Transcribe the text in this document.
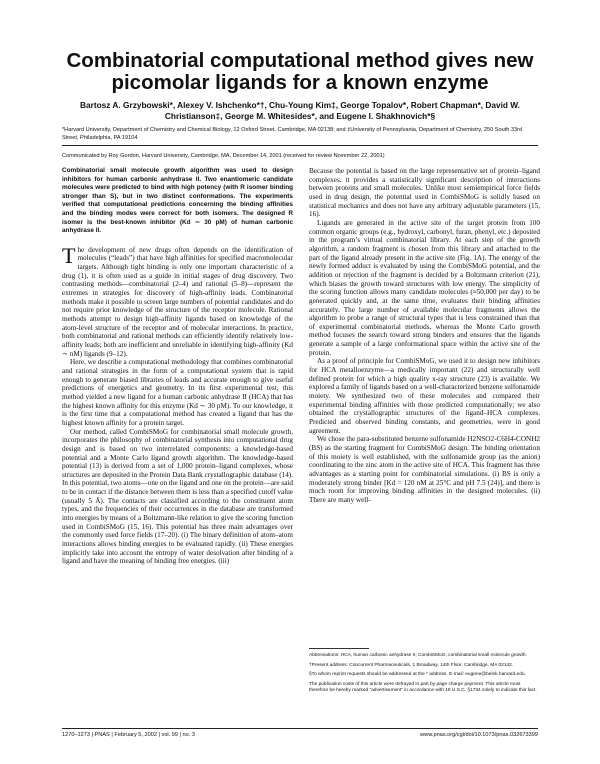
Combinatorial computational method gives new picomolar ligands for a known enzyme
Bartosz A. Grzybowski*, Alexey V. Ishchenko*†, Chu-Young Kim‡, George Topalov*, Robert Chapman*, David W. Christianson‡, George M. Whitesides*, and Eugene I. Shakhnovich*§
*Harvard University, Department of Chemistry and Chemical Biology, 12 Oxford Street, Cambridge, MA 02138; and ‡University of Pennsylvania, Department of Chemistry, 250 South 33rd Street, Philadelphia, PA 19104
Communicated by Roy Gordon, Harvard University, Cambridge, MA, December 14, 2001 (received for review November 22, 2001)

Combinatorial small molecule growth algorithm was used to design inhibitors for human carbonic anhydrase II. Two enantiomeric candidate molecules were predicted to bind with high potency (with R isomer binding stronger than S), but in two distinct conformations. The experiments verified that computational predictions concerning the binding affinities and the binding modes were correct for both isomers. The designed R isomer is the best-known inhibitor (Kd ∼ 30 pM) of human carbonic anhydrase II.

T he development of new drugs often depends on the identification of molecules (“leads”) that have high affinities for specified macromolecular targets. Although tight binding is only one important characteristic of a drug (1), it is often used as a guide in initial stages of drug discovery. Two contrasting methods—combinatorial (2–4) and rational (5–8)—represent the extremes in strategies for discovery of high-affinity leads. Combinatorial methods make it possible to screen large numbers of potential candidates and do not require prior knowledge of the structure of the receptor molecule. Rational methods attempt to design high-affinity ligands based on knowledge of the atom-level structure of the receptor and of molecular interactions. In practice, both combinatorial and rational methods can efficiently identify relatively low-affinity leads; both are inefficient and unreliable in identifying high-affinity (Kd ∼ nM) ligands (9–12).

Here, we describe a computational methodology that combines combinatorial and rational strategies in the form of a computational system that is rapid enough to generate biased libraries of leads and accurate enough to give useful predictions of energetics and geometry. In its first experimental test, this method yielded a new ligand for a human carbonic anhydrase II (HCA) that has the highest known affinity for this enzyme (Kd ∼ 30 pM). To our knowledge, it is the first time that a computational method has created a ligand that has the highest known affinity for a protein target.

Our method, called CombiSMoG for combinatorial small molecule growth, incorporates the philosophy of combinatorial synthesis into computational drug design and is based on two interrelated components: a knowledge-based potential and a Monte Carlo ligand growth algorithm. The knowledge-based potential (13) is derived from a set of 1,000 protein–ligand complexes, whose structures are deposited in the Protein Data Bank crystallographic database (14). In this potential, two atoms—one on the ligand and one on the protein—are said to be in contact if the distance between them is less than a specified cutoff value (usually 5 Å). The contacts are classified according to the constituent atom types, and the frequencies of their occurrences in the database are transformed into energies by means of a Boltzmann-like relation to give the scoring function used in CombiSMoG (15, 16). This potential has three main advantages over the commonly used force fields (17–20). (i) The binary definition of atom–atom interactions allows binding energies to be evaluated rapidly. (ii) These energies implicitly take into account the entropy of water desolvation after binding of a ligand and have the meaning of binding free energies. (iii)

Because the potential is based on the large representative set of protein–ligand complexes, it provides a statistically significant description of interactions between proteins and small molecules. Unlike most semiempirical force fields used in drug design, the potential used in CombiSMoG is solidly based on statistical mechanics and does not have any arbitrary adjustable parameters (15, 16).

Ligands are generated in the active site of the target protein from 100 common organic groups (e.g., hydroxyl, carbonyl, furan, phenyl, etc.) deposited in the program’s virtual combinatorial library. At each step of the growth algorithm, a random fragment is chosen from this library and attached to the part of the ligand already present in the active site (Fig. 1A). The energy of the newly formed adduct is evaluated by using the CombiSMoG potential, and the addition or rejection of the fragment is decided by a Boltzmann criterion (21), which biases the growth toward structures with low energy. The simplicity of the scoring function allows many candidate molecules (≈50,000 per day) to be generated quickly and, at the same time, evaluates their binding affinities accurately. The large number of available molecular fragments allows the algorithm to probe a range of structural types that is less constrained than that of experimental combinatorial methods, whereas the Monte Carlo growth method focuses the search toward strong binders and ensures that the ligands generate a sample of a large conformational space within the active site of the protein.

As a proof of principle for CombiSMoG, we used it to design new inhibitors for HCA metalloenzyme—a medically important (22) and structurally well defined protein for which a high quality x-ray structure (23) is available. We explored a family of ligands based on a well-characterized benzene sulfonamide moiety. We synthesized two of these molecules and compared their experimental binding affinities with those predicted computationally; we also obtained the crystallographic structures of the ligand–HCA complexes. Predicted and observed binding constants, and geometries, were in good agreement.

We chose the para-substituted benzene sulfonamide H2NSO2-C6H4-CONH2 (BS) as the starting fragment for CombiSMoG design. The binding orientation of this moiety is well established, with the sulfonamide group (as the anion) coordinating to the zinc atom in the active site of HCA. This fragment has three advantages as a starting point for combinatorial simulations. (i) BS is only a moderately strong binder [Kd = 120 nM at 25°C and pH 7.5 (24)], and there is much room for improving binding affinities in the designed molecules. (ii) There are many well-

Abbreviations: HCA, human carbonic anhydrase II; CombiSMoG, combinatorial small molecule growth.

†Present address: Concurrent Pharmaceuticals, 1 Broadway, 14th Floor, Cambridge, MA 02142.

§To whom reprint requests should be addressed at the * address. E-mail: eugene@belok.harvard.edu.

The publication costs of this article were defrayed in part by page charge payment. This article must therefore be hereby marked “advertisement” in accordance with 18 U.S.C. §1734 solely to indicate this fact.

1270–1273 | PNAS | February 5, 2002 | vol. 99 | no. 3	www.pnas.org/cgi/doi/10.1073/pnas.032673399
